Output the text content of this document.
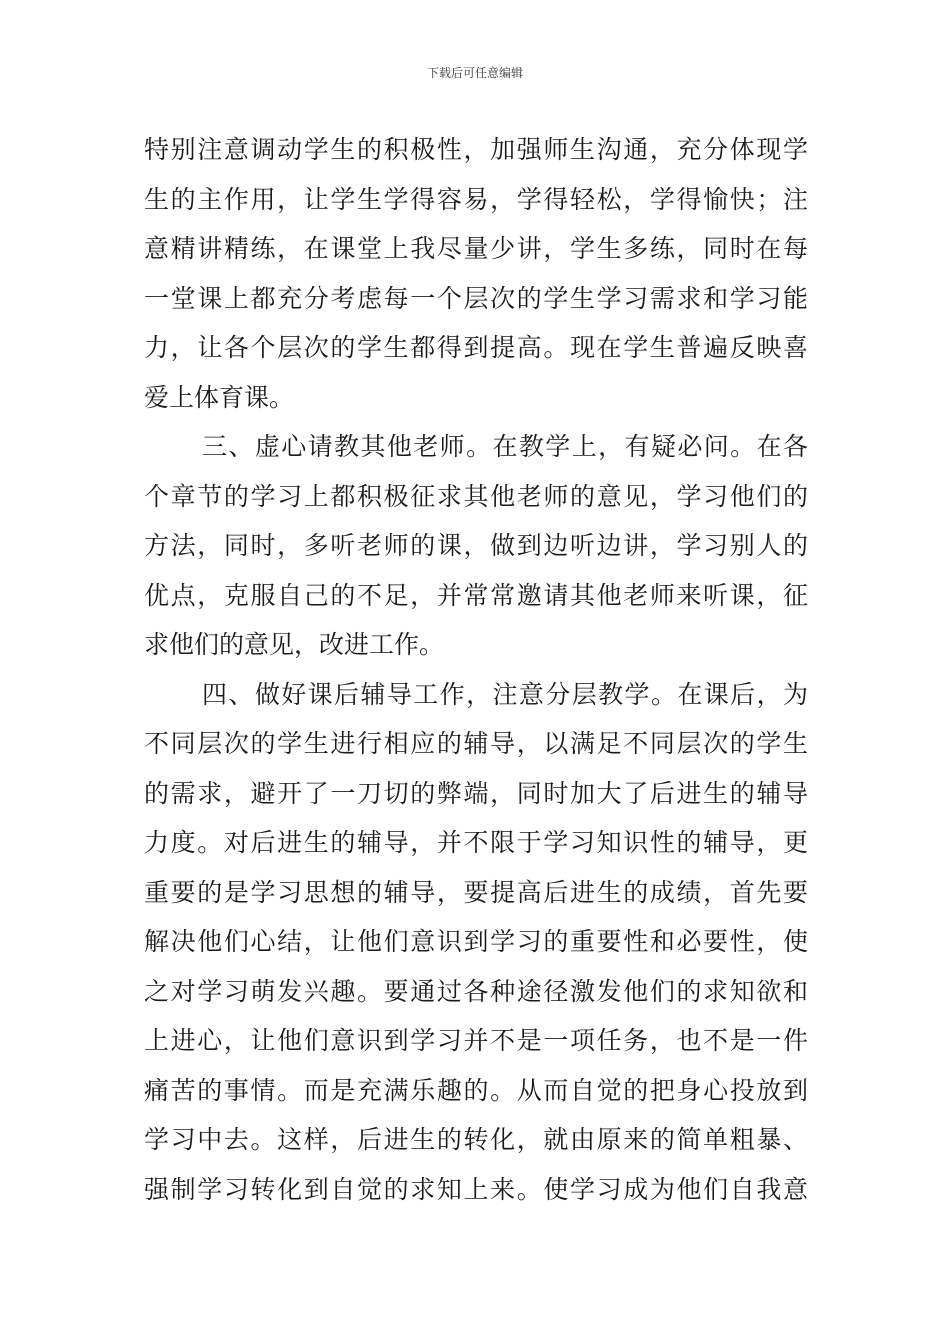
下载后可任意编辑
特别注意调动学生的积极性，加强师生沟通，充分体现学
生的主作用，让学生学得容易，学得轻松，学得愉快；注
意精讲精练，在课堂上我尽量少讲，学生多练，同时在每
一堂课上都充分考虑每一个层次的学生学习需求和学习能
力，让各个层次的学生都得到提高。现在学生普遍反映喜
爱上体育课。
三、虚心请教其他老师。在教学上，有疑必问。在各
个章节的学习上都积极征求其他老师的意见，学习他们的
方法，同时，多听老师的课，做到边听边讲，学习别人的
优点，克服自己的不足，并常常邀请其他老师来听课，征
求他们的意见，改进工作。
四、做好课后辅导工作，注意分层教学。在课后，为
不同层次的学生进行相应的辅导，以满足不同层次的学生
的需求，避开了一刀切的弊端，同时加大了后进生的辅导
力度。对后进生的辅导，并不限于学习知识性的辅导，更
重要的是学习思想的辅导，要提高后进生的成绩，首先要
解决他们心结，让他们意识到学习的重要性和必要性，使
之对学习萌发兴趣。要通过各种途径激发他们的求知欲和
上进心，让他们意识到学习并不是一项任务，也不是一件
痛苦的事情。而是充满乐趣的。从而自觉的把身心投放到
学习中去。这样，后进生的转化，就由原来的简单粗暴、
强制学习转化到自觉的求知上来。使学习成为他们自我意
